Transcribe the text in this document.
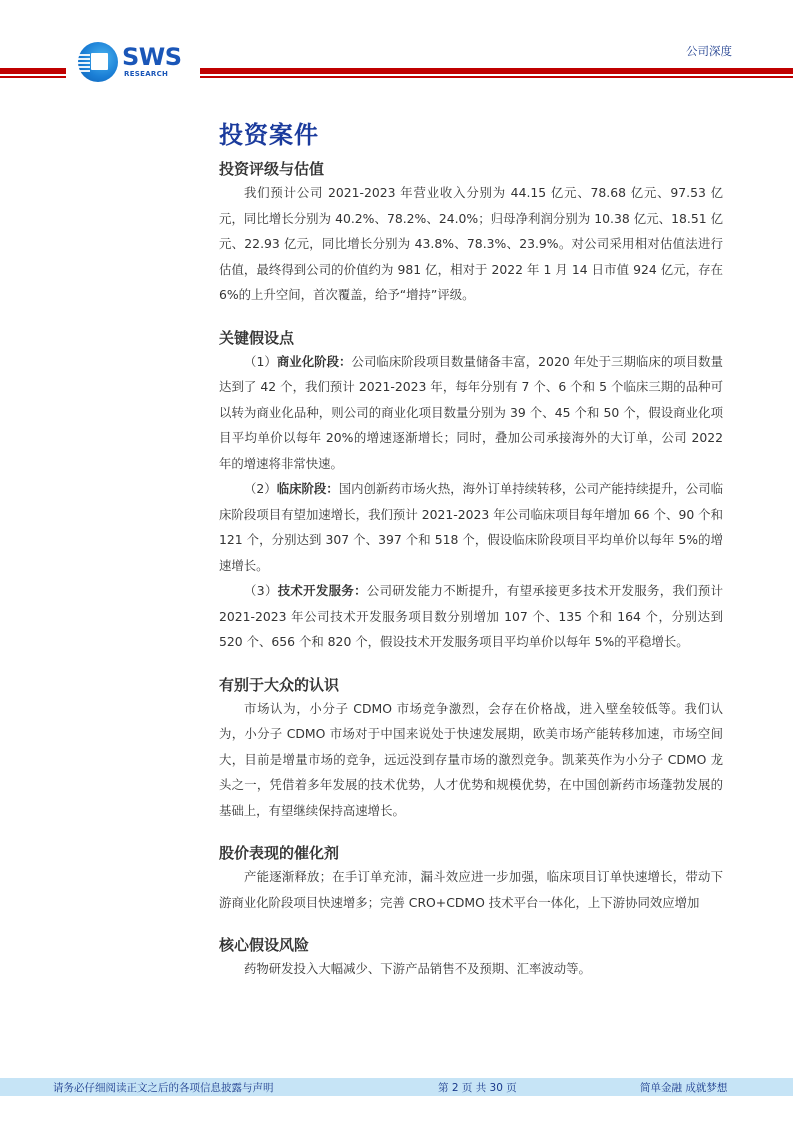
SWS
RESEARCH
公司深度
投资案件
投资评级与估值

我们预计公司 2021-2023 年营业收入分别为 44.15 亿元、78.68 亿元、97.53 亿元，同比增长分别为 40.2%、78.2%、24.0%；归母净利润分别为 10.38 亿元、18.51 亿元、22.93 亿元，同比增长分别为 43.8%、78.3%、23.9%。对公司采用相对估值法进行估值，最终得到公司的价值约为 981 亿，相对于 2022 年 1 月 14 日市值 924 亿元，存在 6%的上升空间，首次覆盖，给予“增持”评级。

关键假设点

（1）商业化阶段：公司临床阶段项目数量储备丰富，2020 年处于三期临床的项目数量达到了 42 个，我们预计 2021-2023 年，每年分别有 7 个、6 个和 5 个临床三期的品种可以转为商业化品种，则公司的商业化项目数量分别为 39 个、45 个和 50 个，假设商业化项目平均单价以每年 20%的增速逐渐增长；同时，叠加公司承接海外的大订单，公司 2022 年的增速将非常快速。

（2）临床阶段：国内创新药市场火热，海外订单持续转移，公司产能持续提升，公司临床阶段项目有望加速增长，我们预计 2021-2023 年公司临床项目每年增加 66 个、90 个和 121 个，分别达到 307 个、397 个和 518 个，假设临床阶段项目平均单价以每年 5%的增速增长。

（3）技术开发服务：公司研发能力不断提升，有望承接更多技术开发服务，我们预计 2021-2023 年公司技术开发服务项目数分别增加 107 个、135 个和 164 个，分别达到 520 个、656 个和 820 个，假设技术开发服务项目平均单价以每年 5%的平稳增长。

有别于大众的认识

市场认为，小分子 CDMO 市场竞争激烈，会存在价格战，进入壁垒较低等。我们认为，小分子 CDMO 市场对于中国来说处于快速发展期，欧美市场产能转移加速，市场空间大，目前是增量市场的竞争，远远没到存量市场的激烈竞争。凯莱英作为小分子 CDMO 龙头之一，凭借着多年发展的技术优势，人才优势和规模优势，在中国创新药市场蓬勃发展的基础上，有望继续保持高速增长。

股价表现的催化剂

产能逐渐释放；在手订单充沛，漏斗效应进一步加强，临床项目订单快速增长，带动下游商业化阶段项目快速增多；完善 CRO+CDMO 技术平台一体化，上下游协同效应增加

核心假设风险

药物研发投入大幅减少、下游产品销售不及预期、汇率波动等。

请务必仔细阅读正文之后的各项信息披露与声明	第 2 页 共 30 页	简单金融 成就梦想
